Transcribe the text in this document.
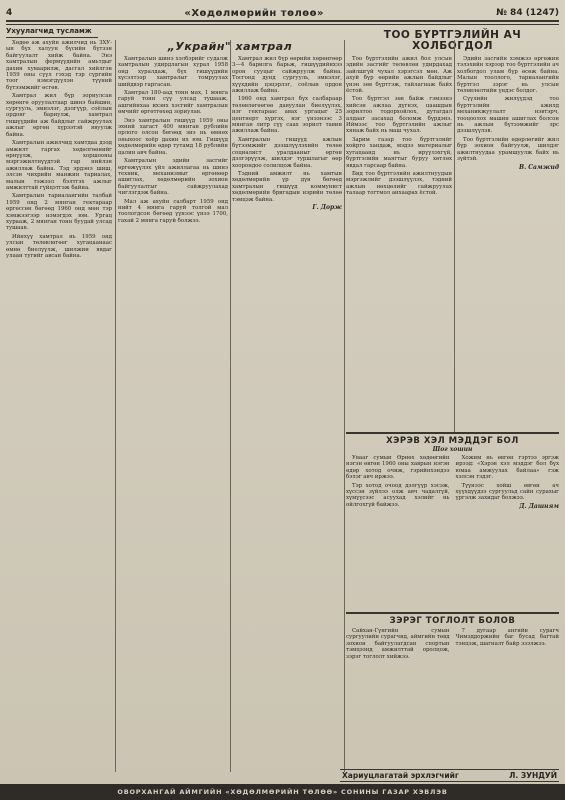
4	«Хөдөлмөрийн төлөө»	№ 84 (1247)
Ухуулагчид тусламж
„Украйн" хамтрал
ТОО БҮРТГЭЛИЙН АЧ ХОЛБОГДОЛ

Хөдөө аж ахуйн ажилчид нь ЗХУ-ын бүх халуун бүсийн бүтээн байгуулалт хийж байна. Энэ хамтралын фермүүдийн амьтдыг дахин хуваарилж, дасгал хийлгэн 1959 оны сүүл гэхэд тэр сүргийн тоог нэмэгдүүлэн түүний бүтээмжийг өсгөв.

Хамтрал жил бүр зориулсан хөрөнгө оруулалтаар шинэ байшин, сургууль, эмнэлэг, дэлгүүр, соёлын ордонг бариулж, хамтрал гишүүдийн аж байдлыг сайжруулах ажлыг өргөн хүрээтэй явуулж байна.

Хамтралын ажилчид хамтдаа дээд амжилт гаргах хөдөлгөөнийг өрнүүлж, хоршооны мэргэжилтнүүдтэй гар нийлэн ажиллаж байна. Тэд эрдэнэ шиш, элсэн чихрийн манжин тариалах, малын тэжээл бэлтгэх ажлыг амжилттай гүйцэтгэж байна.

Хамтралын тариалангийн талбай 1959 онд 2 мянган гектараар өргөссөн бөгөөд 1960 онд мөн тэр хэмжээгээр нэмэгдэх юм. Ургац хурааж, 2 мянган тонн буудай улсад тушаав.

Ийнхүү хамтрал нь 1959 онд улсын төлөвлөгөөг хугацаанаас өмнө биелүүлж, шилжин явдаг улаан тугийг авсан байна.

Хамтралын шинэ хэлбэрийг судалж хамтралын удирдлагын хурал 1958 онд хуралдаж, бүх гишүүдийн хүсэлтээр хамтралыг томруулах шийдвэр гаргасан.

Хамтрал 180-аад тонн мах, 1 мянга гаруй тонн сүү улсад тушааж, ашгийнхаа ихэнх хэсгийг хамтралын өмчийг өргөтгөхөд зориулав.

Энэ хамтралын гишүүд 1959 оны эхний хагаст 400 мянган рублийн орлого олсон бөгөөд энэ нь өмнөх оныхоос хоёр дахин их юм. Гишүүд хөдөлмөрийн өдөр тутамд 18 рублийн цалин авч байна.

Хамтралын эдийн засгийг өргөжүүлэх үйл ажиллагаа нь шинэ техник, механизмыг өргөнөөр ашиглах, хөдөлмөрийн зохион байгуулалтыг сайжруулахад чиглэгдэж байна.

Мал аж ахуйн салбарт 1959 онд нийт 4 мянга гаруй толгой мал тоологдсон бөгөөд үүнээс үнээ 1700, гахай 2 мянга гаруй болжээ.

Хамтрал жил бүр өөрийн хөрөнгөөр 3—4 барилга барьж, гишүүдийнхээ орон сууцыг сайжруулж байна. Тосгонд дунд сургууль, эмнэлэг, хүүхдийн цэцэрлэг, соёлын ордон ажиллаж байна.

1960 онд хамтрал бүх салбараар төлөвлөгөөгөө давуулан биелүүлэх, нэг гектараас авах ургацыг 25 центнерт хүргэх, нэг үнээнээс 3 мянган литр сүү саах зорилт тавин ажиллаж байна.

Хамтралын гишүүд ажлын бүтээмжийг дээшлүүлэхийн төлөө социалист уралдааныг өргөн дэлгэрүүлж, шилдэг туршлагыг өөр хоорондоо солилцож байна.

Тэдний амжилт нь хамтын хөдөлмөрийн үр дүн бөгөөд хамтралын гишүүд коммунист хөдөлмөрийн бригадын нэрийн төлөө тэмцэж байна.

Г. Дорж

Тоо бүртгэлийн ажил бол улсын эдийн засгийг төлөвлөн удирдахад зайлшгүй чухал хэрэгсэл мөн. Аж ахуй бүр өөрийн ажлын байдлыг үнэн зөв бүртгэж, тайлагнаж байх ёстой.

Тоо бүртгэл зөв байж гэмээнэ хийсэн ажлаа дүгнэх, цаашдын зорилтоо тодорхойлох, дутагдал алдааг засахад боломж бүрдэнэ. Иймээс тоо бүртгэлийн ажлыг хянаж байх нь маш чухал.

Зарим газар тоо бүртгэлийг хойрго хандаж, мэдээ материалыг хугацаанд нь ирүүлэхгүй, бүртгэлийн маягтыг буруу хөтлөх явдал гарсаар байна.

Бид тоо бүртгэлийн ажилтнуудын мэргэжлийг дээшлүүлэх, тэдний ажлын нөхцөлийг сайжруулах талаар тогтмол анхаарах ёстой.

Эдийн засгийн хэмжээ өргөжин тэлэхийн хэрээр тоо бүртгэлийн ач холбогдол улам бүр өсөж байна. Малын тооллого, тариалангийн бүртгэл зэрэг нь улсын төлөвлөлтийн үндэс болдог.

Сүүлийн жилүүдэд тоо бүртгэлийн ажилд механикжуулалт нэвтэрч, тооцоолох машин ашиглах болсон нь ажлын бүтээмжийг эрс дээшлүүлэв.

Тоо бүртгэлийн өдөрлөгийг жил бүр зохион байгуулж, шилдэг ажилтнуудаа урамшуулж байх нь зүйтэй.

В. Самжид
ХЭРЭВ ХЭЛ МЭДДЭГ БОЛ
Шог хошин

Увааг сумын Өрнөх хөдөөгийн нэгэн өвгөн 1960 оны хаврын нэгэн өдөр хотод очиж, гэрийнхэндээ бэлэг авч иржээ.

Тэр хотод очоод дэлгүүр хэсэж, хүссэн зүйлээ олж авч чадалгүй, хүмүүсээс асуухад хэлийг нь ойлгохгүй байжээ.

Хожим нь өвгөн гэртээ эргэж ирээд: «Хэрэв хэл мэддэг бол бүх юмаа амжуулах байлаа» гэж хэлсэн гэдэг.

Түүнээс хойш өвгөн ач хүүхдүүдээ сургуульд сайн сурахыг үргэлж захидаг болжээ.

Д. Дашням
ЗЭРЭГ ТОГЛОЛТ БОЛОВ

Сайхан-Гүнгийн сумын сургуулийн сурагчид, аймгийн төвд зохион байгуулагдсан спортын тэмцээнд амжилттай оролцож, зэрэг тоглолт хийжээ.

7 дугаар ангийн сурагч Чимэддоржийн баг бусад багтай тэнцэж, шагналт байр эзэлжээ.

Хариуцлагатай эрхлэгчийг	Л. ЗУНДУЙ
ОВОРХАНГАЙ АЙМГИЙН «ХӨДӨЛМӨРИЙН ТӨЛӨӨ» СОНИНЫ ГАЗАР ХЭВЛЭВ
